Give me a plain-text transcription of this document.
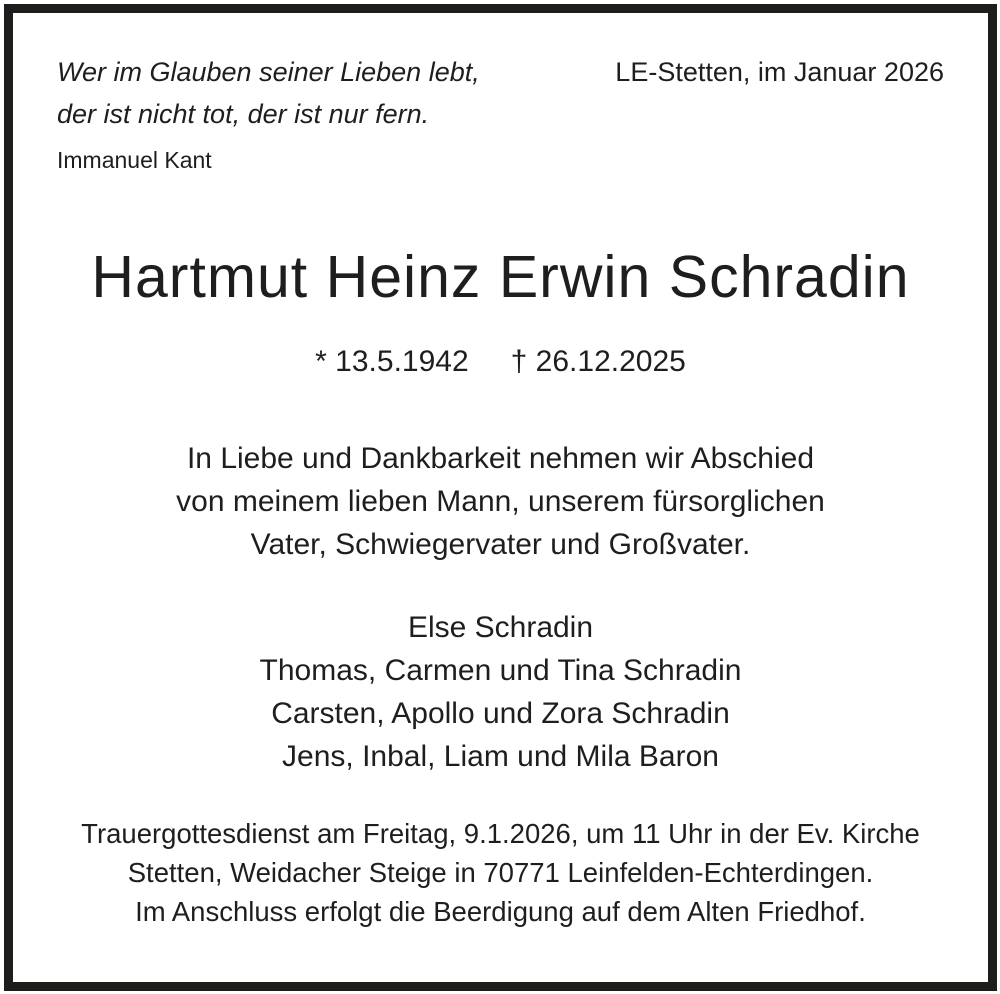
Wer im Glauben seiner Lieben lebt,
der ist nicht tot, der ist nur fern.
Immanuel Kant
LE-Stetten, im Januar 2026
Hartmut Heinz Erwin Schradin
* 13.5.1942 † 26.12.2025
In Liebe und Dankbarkeit nehmen wir Abschied
von meinem lieben Mann, unserem fürsorglichen
Vater, Schwiegervater und Großvater.
Else Schradin
Thomas, Carmen und Tina Schradin
Carsten, Apollo und Zora Schradin
Jens, Inbal, Liam und Mila Baron
Trauergottesdienst am Freitag, 9.1.2026, um 11 Uhr in der Ev. Kirche
Stetten, Weidacher Steige in 70771 Leinfelden-Echterdingen.
Im Anschluss erfolgt die Beerdigung auf dem Alten Friedhof.
